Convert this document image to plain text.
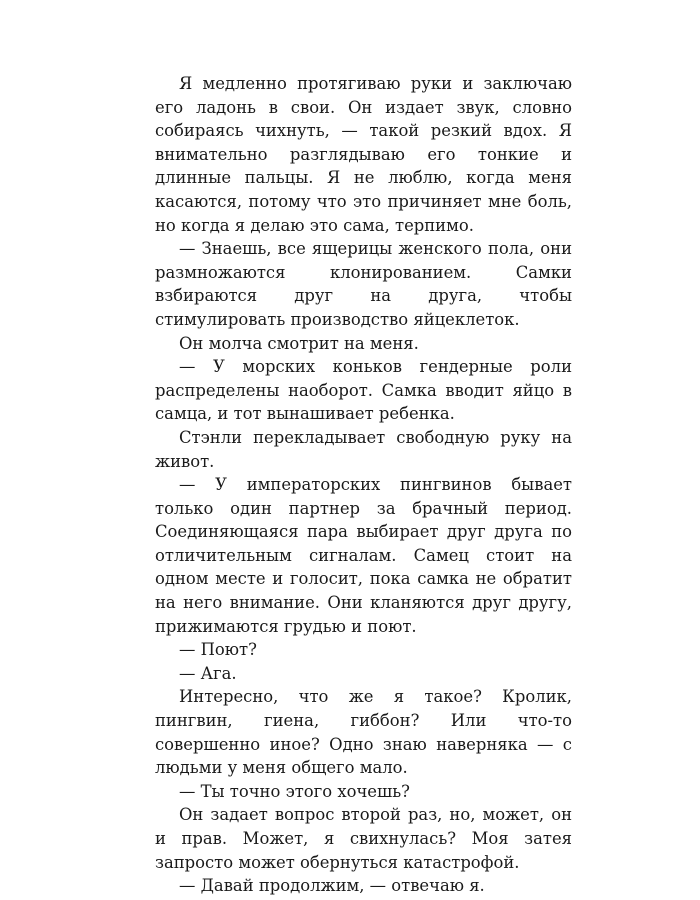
Я медленно протягиваю руки и заключаю его ладонь в свои. Он издает звук, словно собираясь чихнуть, — такой резкий вдох. Я внимательно разглядываю его тонкие и длинные пальцы. Я не люблю, когда меня касаются, потому что это причиняет мне боль, но когда я делаю это сама, терпимо.

— Знаешь, все ящерицы женского пола, они размножаются клонированием. Самки взбираются друг на друга, чтобы стимулировать производство яйцеклеток.

Он молча смотрит на меня.

— У морских коньков гендерные роли распределены наоборот. Самка вводит яйцо в самца, и тот вынашивает ребенка.

Стэнли перекладывает свободную руку на живот.

— У императорских пингвинов бывает только один партнер за брачный период. Соединяющаяся пара выбирает друг друга по отличительным сигналам. Самец стоит на одном месте и голосит, пока самка не обратит на него внимание. Они кланяются друг другу, прижимаются грудью и поют.

— Поют?

— Ага.

Интересно, что же я такое? Кролик, пингвин, гиена, гиббон? Или что-то совершенно иное? Одно знаю наверняка — с людьми у меня общего мало.

— Ты точно этого хочешь?

Он задает вопрос второй раз, но, может, он и прав. Может, я свихнулась? Моя затея запросто может обернуться катастрофой.

— Давай продолжим, — отвечаю я.
